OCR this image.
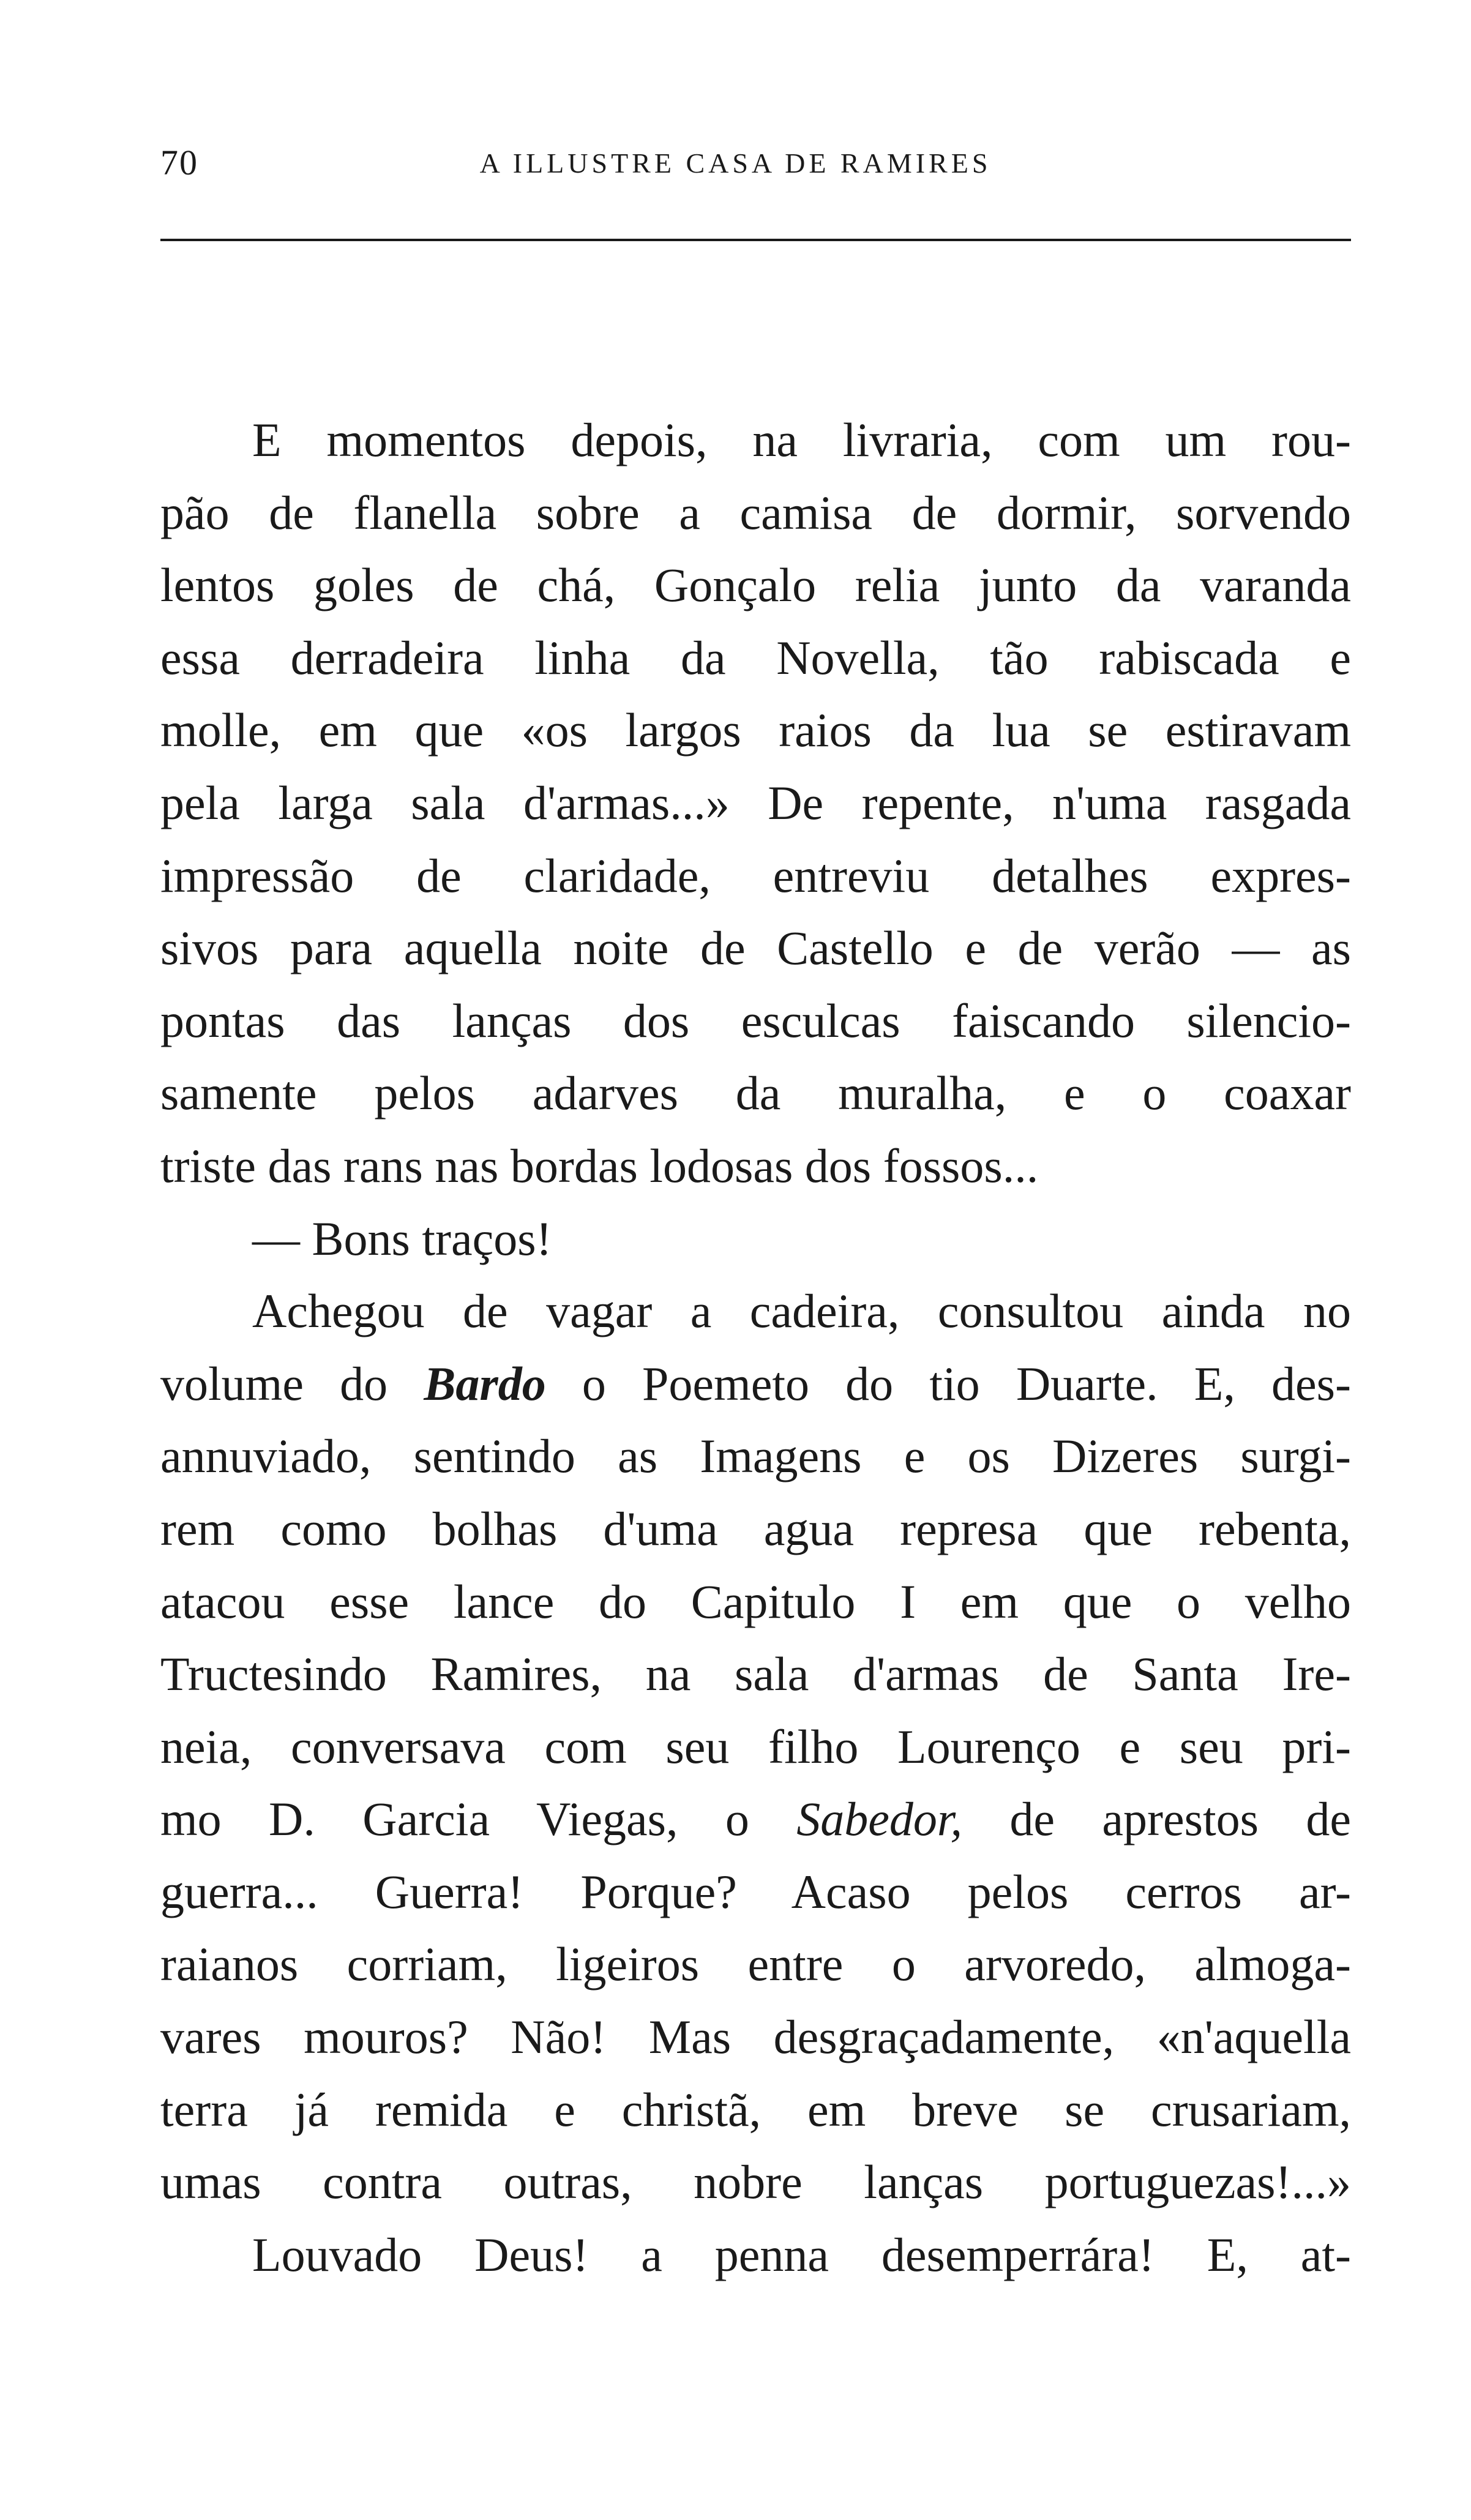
70	A ILLUSTRE CASA DE RAMIRES
E momentos depois, na livraria, com um rou-
pão de flanella sobre a camisa de dormir, sorvendo
lentos goles de chá, Gonçalo relia junto da varanda
essa derradeira linha da Novella, tão rabiscada e
molle, em que «os largos raios da lua se estiravam
pela larga sala d'armas...» De repente, n'uma rasgada
impressão de claridade, entreviu detalhes expres-
sivos para aquella noite de Castello e de verão — as
pontas das lanças dos esculcas faiscando silencio-
samente pelos adarves da muralha, e o coaxar
triste das rans nas bordas lodosas dos fossos...
— Bons traços!
Achegou de vagar a cadeira, consultou ainda no
volume do Bardo o Poemeto do tio Duarte. E, des-
annuviado, sentindo as Imagens e os Dizeres surgi-
rem como bolhas d'uma agua represa que rebenta,
atacou esse lance do Capitulo I em que o velho
Tructesindo Ramires, na sala d'armas de Santa Ire-
neia, conversava com seu filho Lourenço e seu pri-
mo D. Garcia Viegas, o Sabedor, de aprestos de
guerra... Guerra! Porque? Acaso pelos cerros ar-
raianos corriam, ligeiros entre o arvoredo, almoga-
vares mouros? Não! Mas desgraçadamente, «n'aquella
terra já remida e christã, em breve se crusariam,
umas contra outras, nobre lanças portuguezas!...»
Louvado Deus! a penna desemperrára! E, at-
